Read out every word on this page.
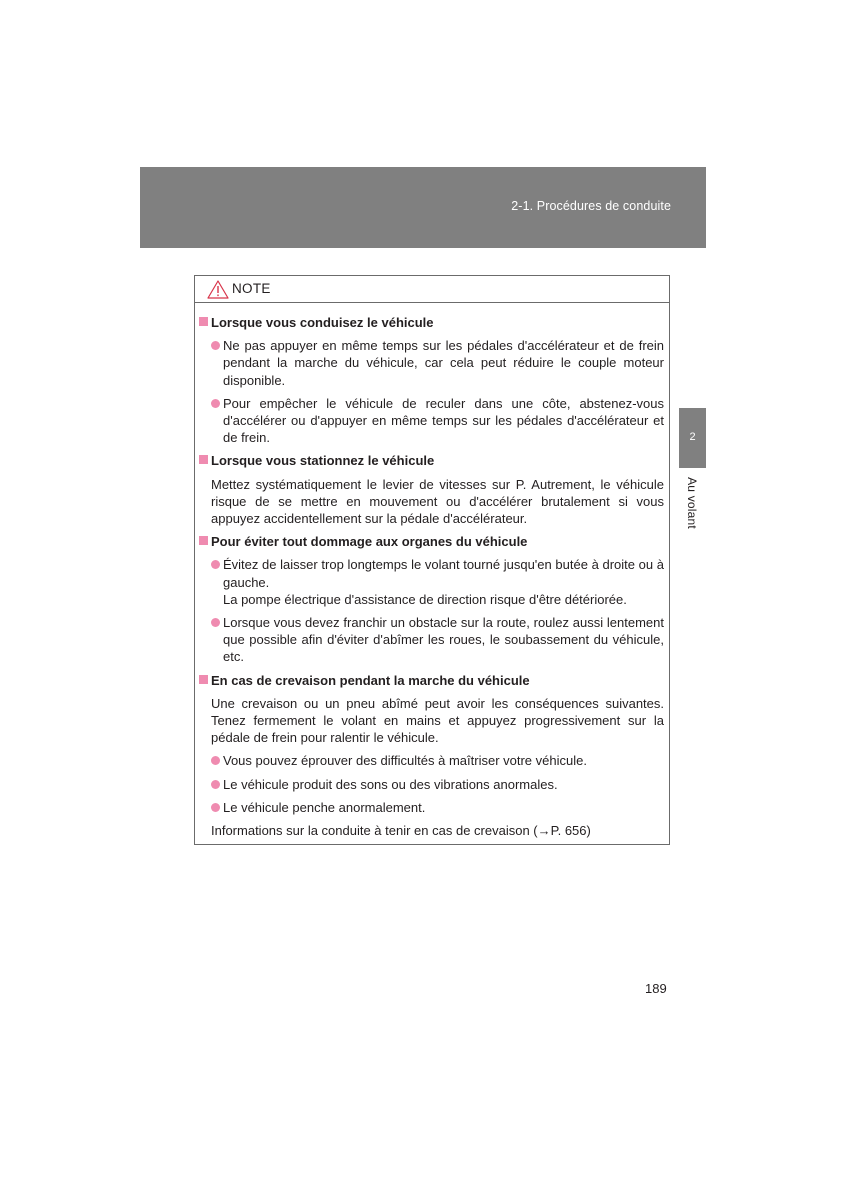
2-1. Procédures de conduite
2
Au volant
NOTE
Lorsque vous conduisez le véhicule
Ne pas appuyer en même temps sur les pédales d'accélérateur et de frein pendant la marche du véhicule, car cela peut réduire le couple moteur disponible.
Pour empêcher le véhicule de reculer dans une côte, abstenez-vous d'accélérer ou d'appuyer en même temps sur les pédales d'accélérateur et de frein.
Lorsque vous stationnez le véhicule
Mettez systématiquement le levier de vitesses sur P. Autrement, le véhicule risque de se mettre en mouvement ou d'accélérer brutalement si vous appuyez accidentellement sur la pédale d'accélérateur.
Pour éviter tout dommage aux organes du véhicule
Évitez de laisser trop longtemps le volant tourné jusqu'en butée à droite ou à gauche.
La pompe électrique d'assistance de direction risque d'être détériorée.
Lorsque vous devez franchir un obstacle sur la route, roulez aussi lentement que possible afin d'éviter d'abîmer les roues, le soubassement du véhicule, etc.
En cas de crevaison pendant la marche du véhicule
Une crevaison ou un pneu abîmé peut avoir les conséquences suivantes. Tenez fermement le volant en mains et appuyez progressivement sur la pédale de frein pour ralentir le véhicule.
Vous pouvez éprouver des difficultés à maîtriser votre véhicule.
Le véhicule produit des sons ou des vibrations anormales.
Le véhicule penche anormalement.
Informations sur la conduite à tenir en cas de crevaison (→P. 656)
189
